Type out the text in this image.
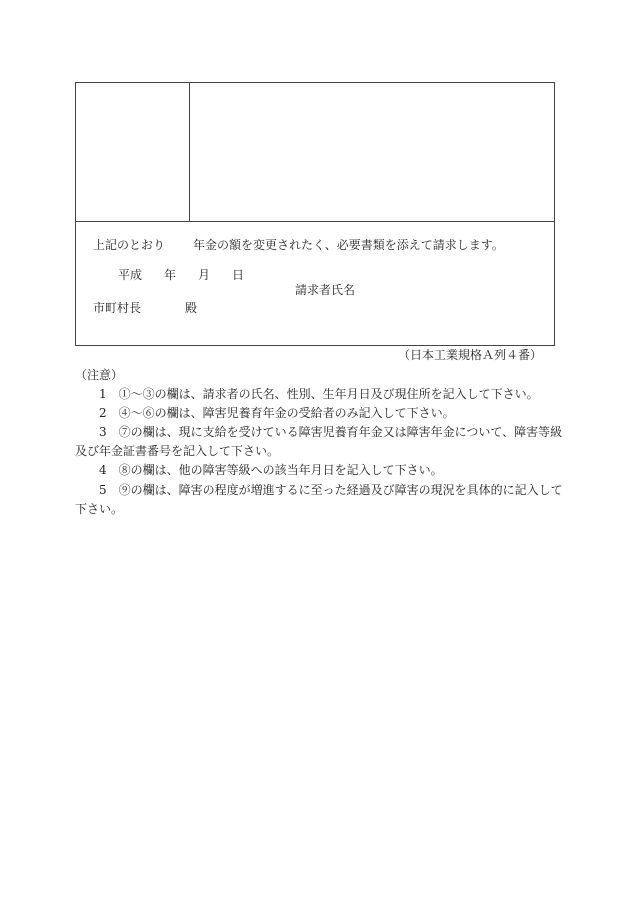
上記のとおり 年金の額を変更されたく、必要書類を添えて請求します。
平成 年 月 日
請求者氏名
市町村長	殿
（日本工業規格Ａ列４番）
（注意）
1　①〜③の欄は、請求者の氏名、性別、生年月日及び現住所を記入して下さい。
2　④〜⑥の欄は、障害児養育年金の受給者のみ記入して下さい。
3　⑦の欄は、現に支給を受けている障害児養育年金又は障害年金について、障害等級
及び年金証書番号を記入して下さい。
4　⑧の欄は、他の障害等級への該当年月日を記入して下さい。
5　⑨の欄は、障害の程度が増進するに至った経過及び障害の現況を具体的に記入して
下さい。
